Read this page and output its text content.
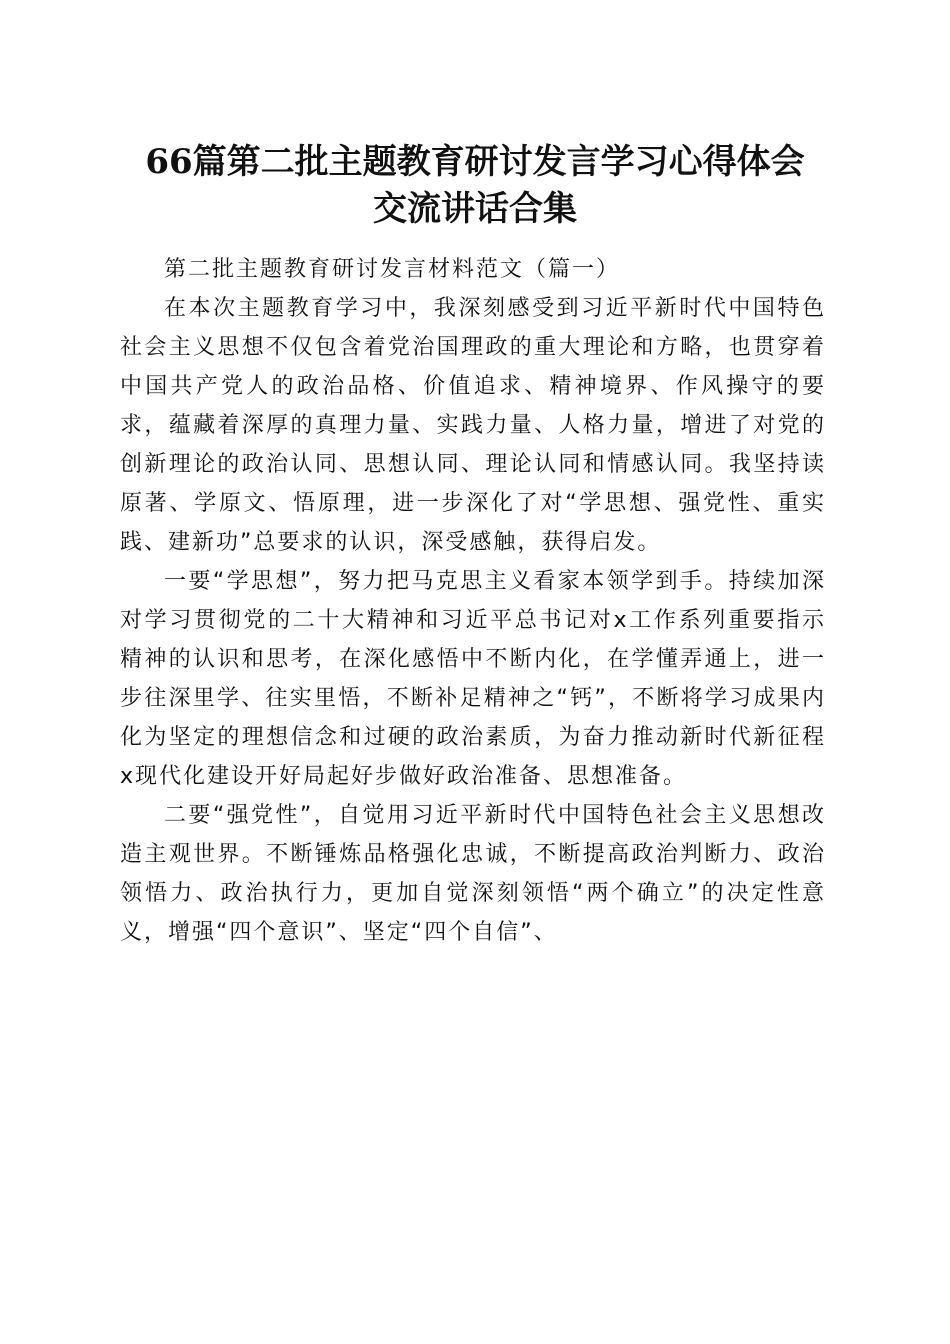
66篇第二批主题教育研讨发言学习心得体会
交流讲话合集

第二批主题教育研讨发言材料范文（篇一）

在本次主题教育学习中，我深刻感受到习近平新时代中国特色社会主义思想不仅包含着党治国理政的重大理论和方略，也贯穿着中国共产党人的政治品格、价值追求、精神境界、作风操守的要求，蕴藏着深厚的真理力量、实践力量、人格力量，增进了对党的创新理论的政治认同、思想认同、理论认同和情感认同。我坚持读原著、学原文、悟原理，进一步深化了对“学思想、强党性、重实践、建新功”总要求的认识，深受感触，获得启发。

一要“学思想”，努力把马克思主义看家本领学到手。持续加深对学习贯彻党的二十大精神和习近平总书记对x工作系列重要指示精神的认识和思考，在深化感悟中不断内化，在学懂弄通上，进一步往深里学、往实里悟，不断补足精神之“钙”，不断将学习成果内化为坚定的理想信念和过硬的政治素质，为奋力推动新时代新征程x现代化建设开好局起好步做好政治准备、思想准备。

二要“强党性”，自觉用习近平新时代中国特色社会主义思想改造主观世界。不断锤炼品格强化忠诚，不断提高政治判断力、政治领悟力、政治执行力，更加自觉深刻领悟“两个确立”的决定性意义，增强“四个意识”、坚定“四个自信”、
